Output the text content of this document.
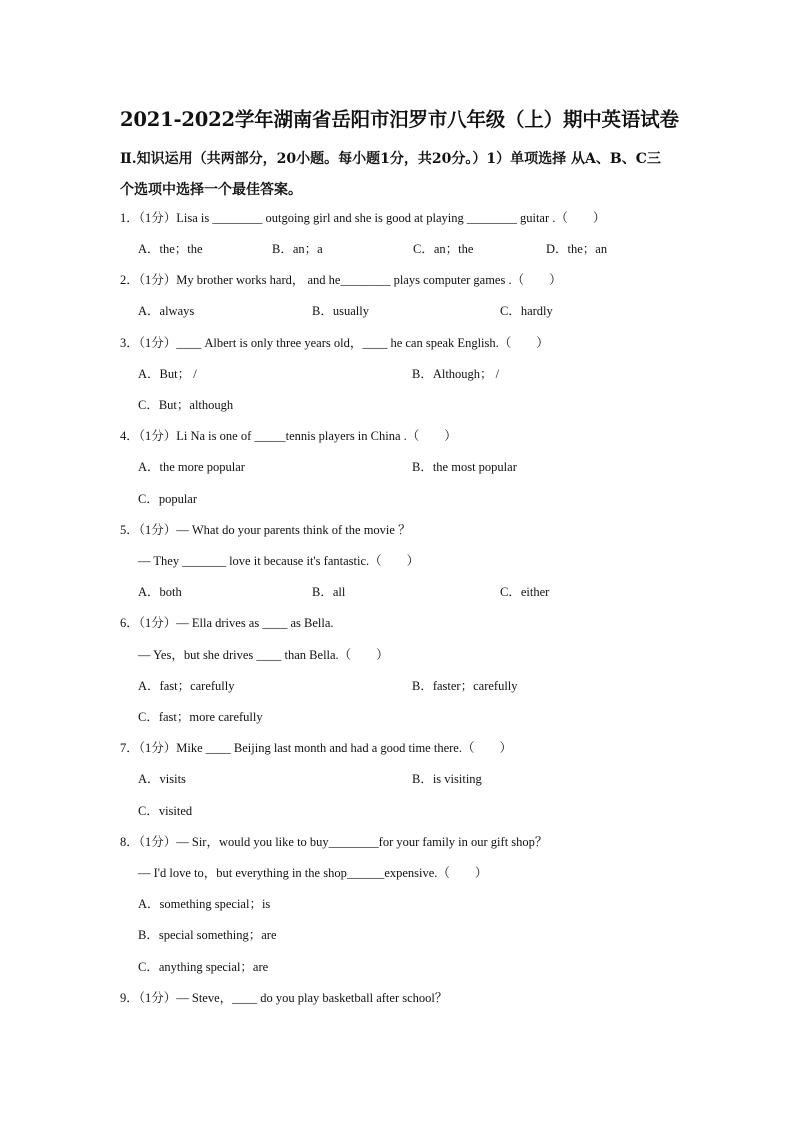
2021-2022学年湖南省岳阳市汨罗市八年级（上）期中英语试卷
Ⅱ.知识运用（共两部分，20小题。每小题1分，共20分。）1）单项选择 从A、B、C三
个选项中选择一个最佳答案。
1．（1分）Lisa is ________ outgoing girl and she is good at playing ________ guitar .（　　）
A．the；the	B．an；a	C．an；the	D．the；an
2．（1分）My brother works hard， and he________ plays computer games .（　　）
A．always	B．usually	C．hardly
3．（1分）____ Albert is only three years old，____ he can speak English.（　　）
A．But； /	B．Although； /
C．But；although
4．（1分）Li Na is one of _____tennis players in China .（　　）
A．the more popular	B．the most popular
C．popular
5．（1分）— What do your parents think of the movie ？
— They _______ love it because it's fantastic.（　　）
A．both	B．all	C．either
6．（1分）— Ella drives as ____ as Bella.
— Yes，but she drives ____ than Bella.（　　）
A．fast；carefully	B．faster；carefully
C．fast；more carefully
7．（1分）Mike ____ Beijing last month and had a good time there.（　　）
A．visits	B．is visiting
C．visited
8．（1分）— Sir，would you like to buy________for your family in our gift shop？
— I'd love to，but everything in the shop______expensive.（　　）
A．something special；is
B．special something；are
C．anything special；are
9．（1分）— Steve，____ do you play basketball after school？
